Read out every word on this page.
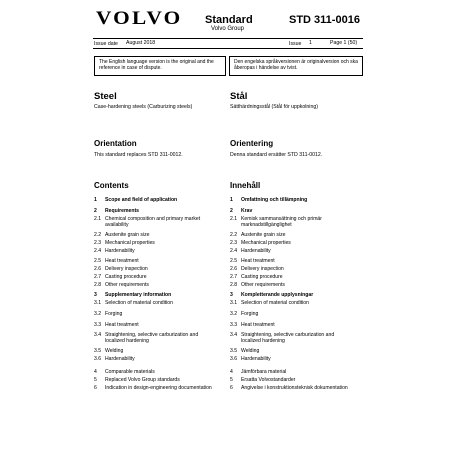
VOLVO Standard
Volvo Group
STD 311-0016
Issue date August 2018	Issue 1	Page 1 (50)
The English language version is the original and the reference in case of dispute.
Den engelska språkversionen är originalversion och ska åberopas i händelse av tvist.
Steel
Case-hardening steels (Carburizing steels)
Stål
Sätthärdningsstål (Stål för uppkolning)
Orientation
This standard replaces STD 311-0012.
Orientering
Denna standard ersätter STD 311-0012.
Contents	Innehåll
1	Scope and field of application
2	Requirements
2.1 Chemical composition and primary market availability
2.2 Austenite grain size
2.3 Mechanical properties
2.4 Hardenability
2.5 Heat treatment
2.6 Delivery inspection
2.7 Casting procedure
2.8 Other requirements
3	Supplementary information
3.1 Selection of material condition
3.2 Forging
3.3 Heat treatment
3.4 Straightening, selective carburization and localized hardening
3.5 Welding
3.6 Hardenability
4	Comparable materials
5	Replaced Volvo Group standards
6	Indication in design-engineering documentation
1	Omfattning och tillämpning
2	Krav
2.1 Kemisk sammansättning och primär marknadstillgänglighet
2.2 Austenite grain size
2.3 Mechanical properties
2.4 Hardenability
2.5 Heat treatment
2.6 Delivery inspection
2.7 Casting procedure
2.8 Other requirements
3	Kompletterande upplysningar
3.1 Selection of material condition
3.2 Forging
3.3 Heat treatment
3.4 Straightening, selective carburization and localized hardening
3.5 Welding
3.6 Hardenability
4	Jämförbara material
5	Ersatta Volvostandarder
6	Angivelse i konstruktionsteknisk dokumentation
